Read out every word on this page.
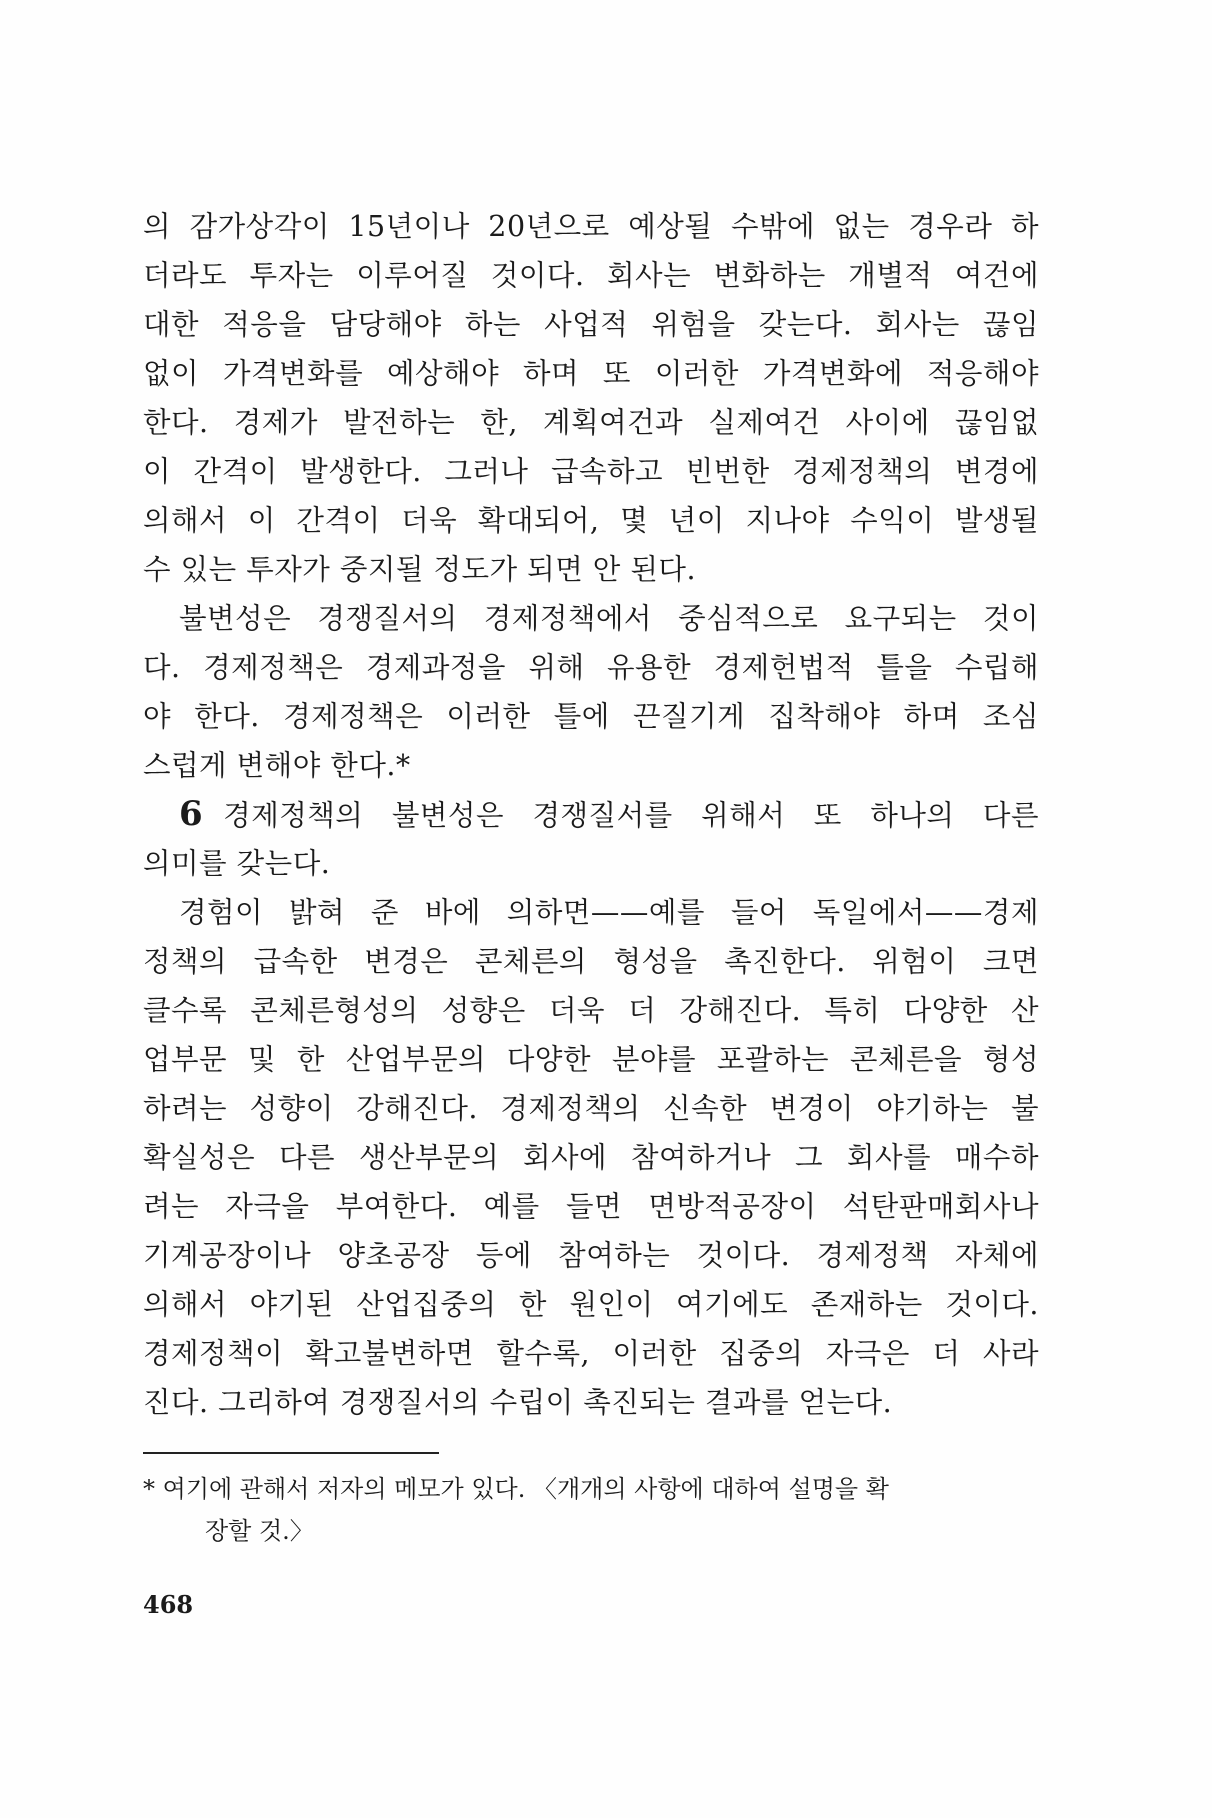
의 감가상각이 15년이나 20년으로 예상될 수밖에 없는 경우라 하
더라도 투자는 이루어질 것이다. 회사는 변화하는 개별적 여건에
대한 적응을 담당해야 하는 사업적 위험을 갖는다. 회사는 끊임
없이 가격변화를 예상해야 하며 또 이러한 가격변화에 적응해야
한다. 경제가 발전하는 한, 계획여건과 실제여건 사이에 끊임없
이 간격이 발생한다. 그러나 급속하고 빈번한 경제정책의 변경에
의해서 이 간격이 더욱 확대되어, 몇 년이 지나야 수익이 발생될
수 있는 투자가 중지될 정도가 되면 안 된다.
불변성은 경쟁질서의 경제정책에서 중심적으로 요구되는 것이
다. 경제정책은 경제과정을 위해 유용한 경제헌법적 틀을 수립해
야 한다. 경제정책은 이러한 틀에 끈질기게 집착해야 하며 조심
스럽게 변해야 한다.*
6 경제정책의 불변성은 경쟁질서를 위해서 또 하나의 다른
의미를 갖는다.
경험이 밝혀 준 바에 의하면——예를 들어 독일에서——경제
정책의 급속한 변경은 콘체른의 형성을 촉진한다. 위험이 크면
클수록 콘체른형성의 성향은 더욱 더 강해진다. 특히 다양한 산
업부문 및 한 산업부문의 다양한 분야를 포괄하는 콘체른을 형성
하려는 성향이 강해진다. 경제정책의 신속한 변경이 야기하는 불
확실성은 다른 생산부문의 회사에 참여하거나 그 회사를 매수하
려는 자극을 부여한다. 예를 들면 면방적공장이 석탄판매회사나
기계공장이나 양초공장 등에 참여하는 것이다. 경제정책 자체에
의해서 야기된 산업집중의 한 원인이 여기에도 존재하는 것이다.
경제정책이 확고불변하면 할수록, 이러한 집중의 자극은 더 사라
진다. 그리하여 경쟁질서의 수립이 촉진되는 결과를 얻는다.
* 여기에 관해서 저자의 메모가 있다. 〈개개의 사항에 대하여 설명을 확
장할 것.〉
468
